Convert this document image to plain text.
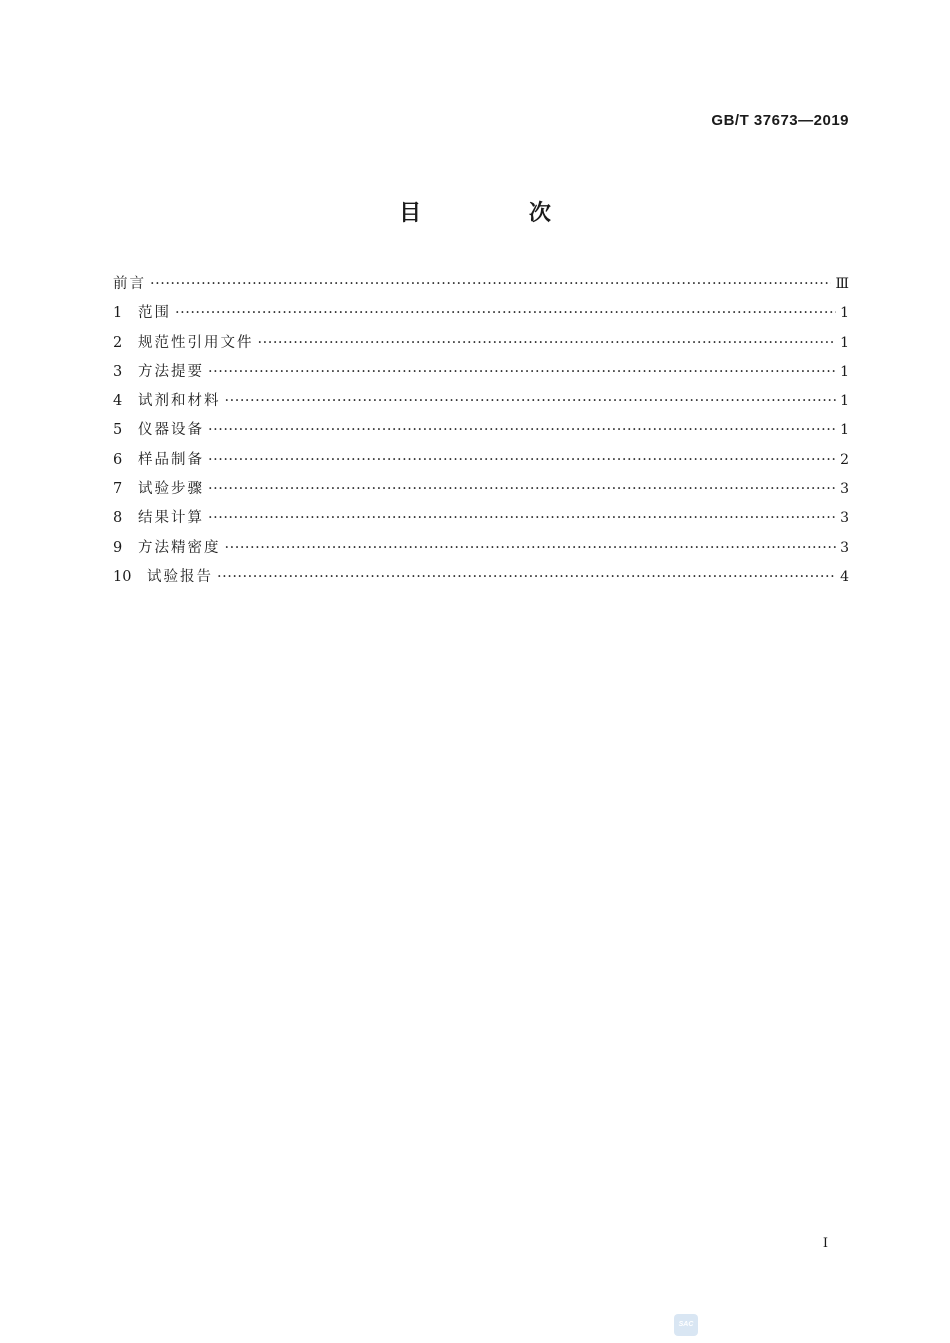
GB/T 37673—2019
目 次
前言 ·····	Ⅲ
1	范围 ·····	1
2	规范性引用文件 ·····	1
3	方法提要 ·····	1
4	试剂和材料 ·····	1
5	仪器设备 ·····	1
6	样品制备 ·····	2
7	试验步骤 ·····	3
8	结果计算 ·····	3
9	方法精密度 ·····	3
10	试验报告 ·····	4
Ⅰ
SAC
